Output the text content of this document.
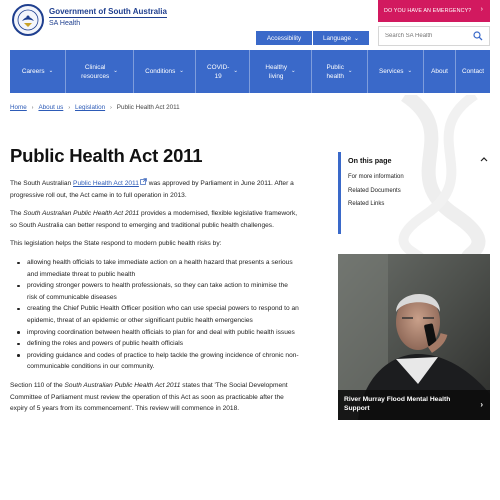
Government of South Australia
SA Health
DO YOU HAVE AN EMERGENCY? ›
Accessibility	Language ⌄
Search SA Health
Careers ⌄
Clinical
resources
⌄	Conditions ⌄
COVID-
19
⌄
Healthy
living
⌄
Public
health
⌄	Services ⌄	About Contact
Home › About us › Legislation › Public Health Act 2011
Public Health Act 2011

The South Australian Public Health Act 2011 was approved by Parliament in June 2011. After a progressive roll out, the Act came in to full operation in 2013.

The South Australian Public Health Act 2011 provides a modernised, flexible legislative framework, so South Australia can better respond to emerging and traditional public health challenges.

This legislation helps the State respond to modern public health risks by:

allowing health officials to take immediate action on a health hazard that presents a serious and immediate threat to public health
providing stronger powers to health professionals, so they can take action to minimise the risk of communicable diseases
creating the Chief Public Health Officer position who can use special powers to respond to an epidemic, threat of an epidemic or other significant public health emergencies
improving coordination between health officials to plan for and deal with public health issues
defining the roles and powers of public health officials
providing guidance and codes of practice to help tackle the growing incidence of chronic non-communicable conditions in our community.

Section 110 of the South Australian Public Health Act 2011 states that 'The Social Development Committee of Parliament must review the operation of this Act as soon as practicable after the expiry of 5 years from its commencement'. This review will commence in 2018.

On this page
For more information
Related Documents
Related Links
River Murray Flood Mental Health Support	›
